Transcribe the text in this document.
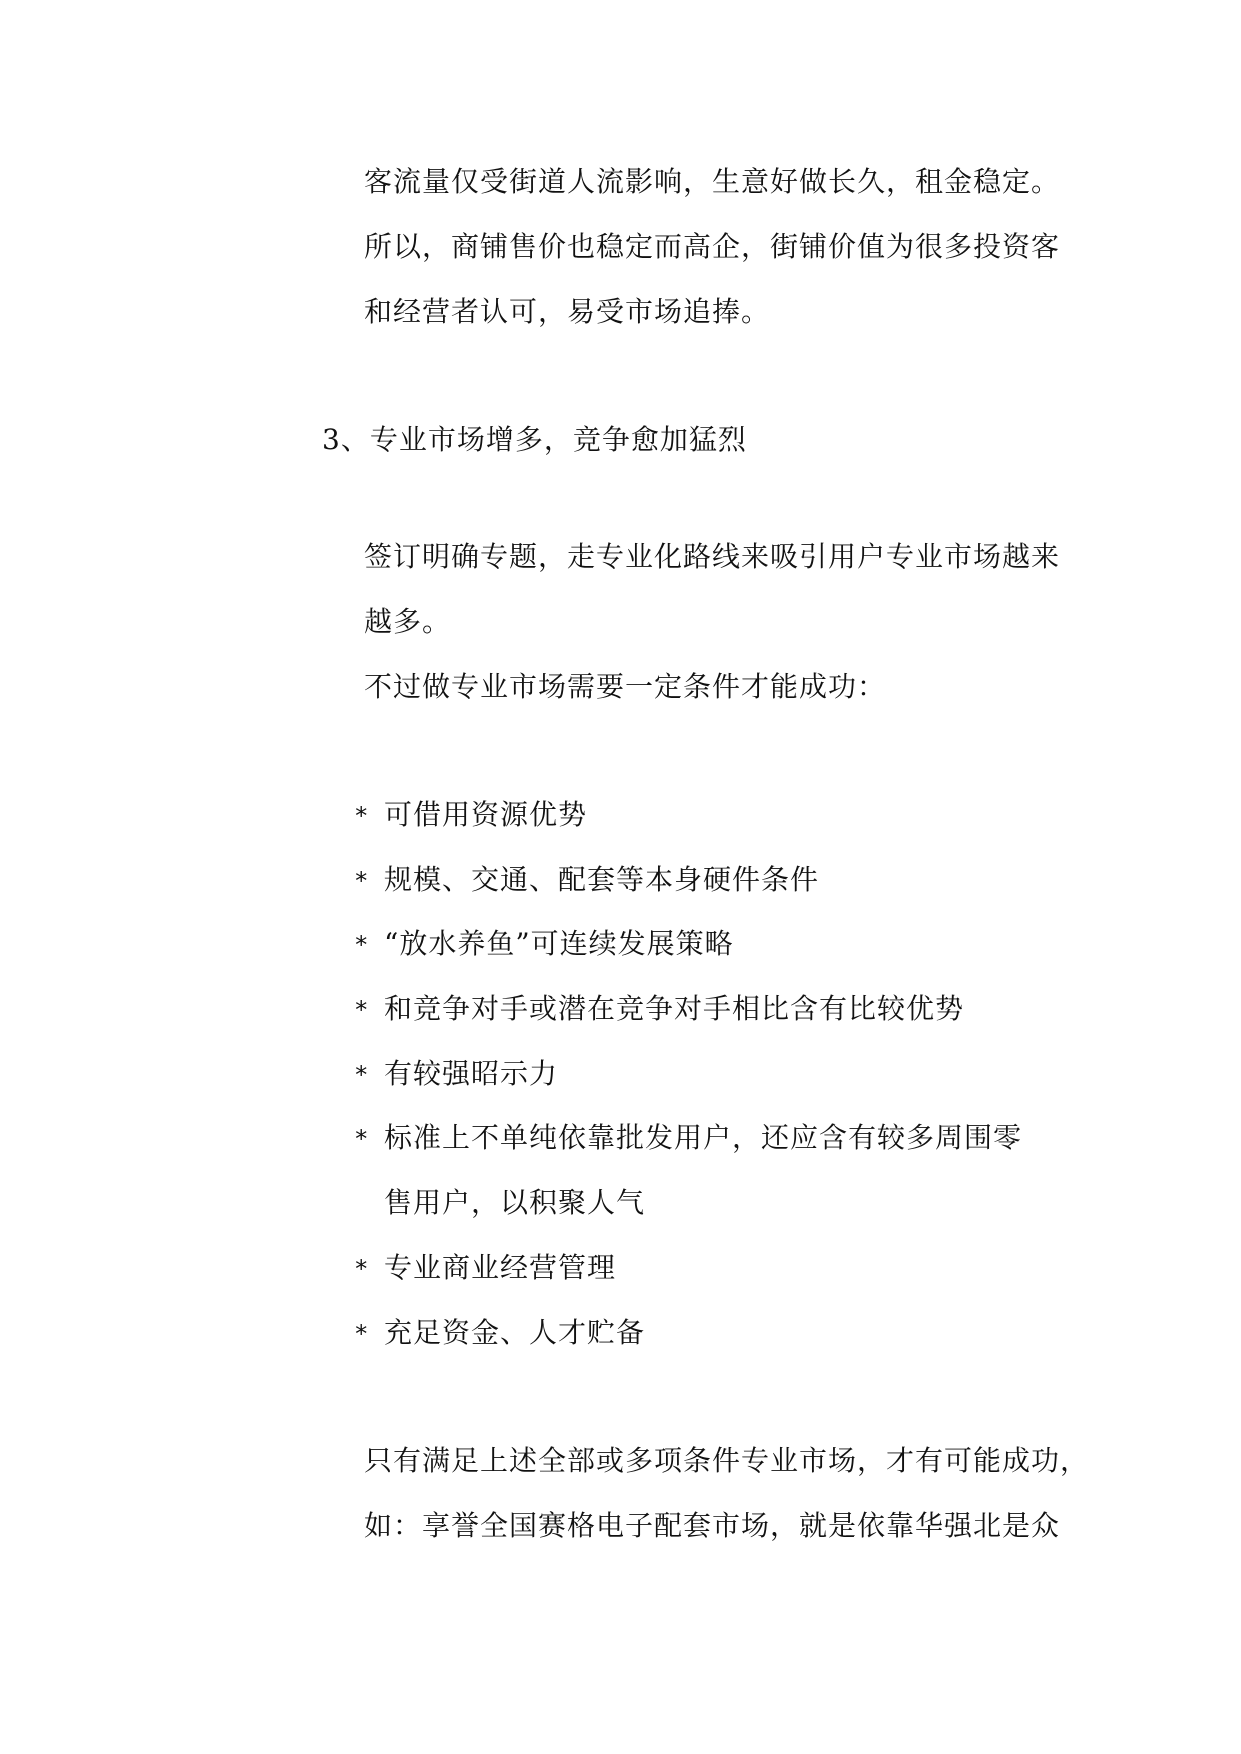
客流量仅受街道人流影响，生意好做长久，租金稳定。
所以，商铺售价也稳定而高企，街铺价值为很多投资客
和经营者认可，易受市场追捧。
3、专业市场增多，竞争愈加猛烈
签订明确专题，走专业化路线来吸引用户专业市场越来
越多。
不过做专业市场需要一定条件才能成功：
* 可借用资源优势
* 规模、交通、配套等本身硬件条件
* “放水养鱼”可连续发展策略
* 和竞争对手或潜在竞争对手相比含有比较优势
* 有较强昭示力
* 标准上不单纯依靠批发用户，还应含有较多周围零
售用户，以积聚人气
* 专业商业经营管理
* 充足资金、人才贮备
只有满足上述全部或多项条件专业市场，才有可能成功，
如：享誉全国赛格电子配套市场，就是依靠华强北是众
